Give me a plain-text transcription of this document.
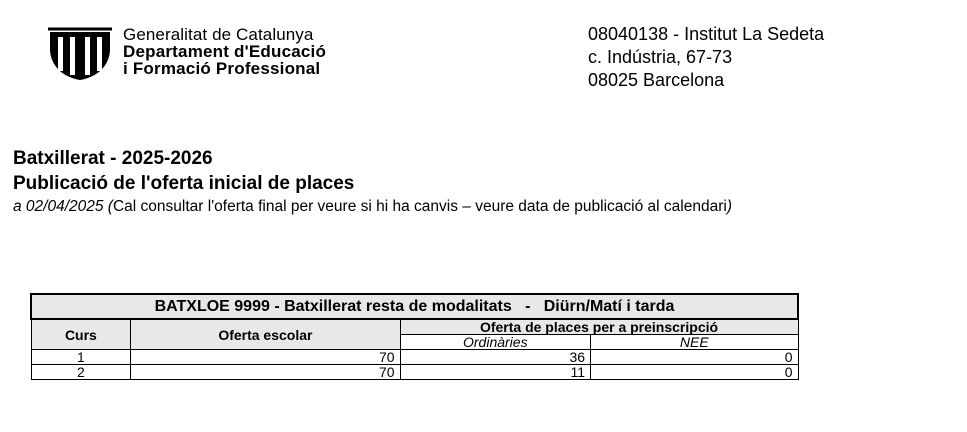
Generalitat de Catalunya
Departament d'Educació
i Formació Professional
08040138 - Institut La Sedeta
c. Indústria, 67-73
08025 Barcelona
Batxillerat - 2025-2026
Publicació de l'oferta inicial de places
a 02/04/2025 (Cal consultar l'oferta final per veure si hi ha canvis – veure data de publicació al calendari)
BATXLOE 9999 - Batxillerat resta de modalitats   -   Diürn/Matí i tarda			
Curs	Oferta escolar	Oferta de places per a preinscripció	
		Ordinàries	NEE
1	70	36	0
2	70	11	0
